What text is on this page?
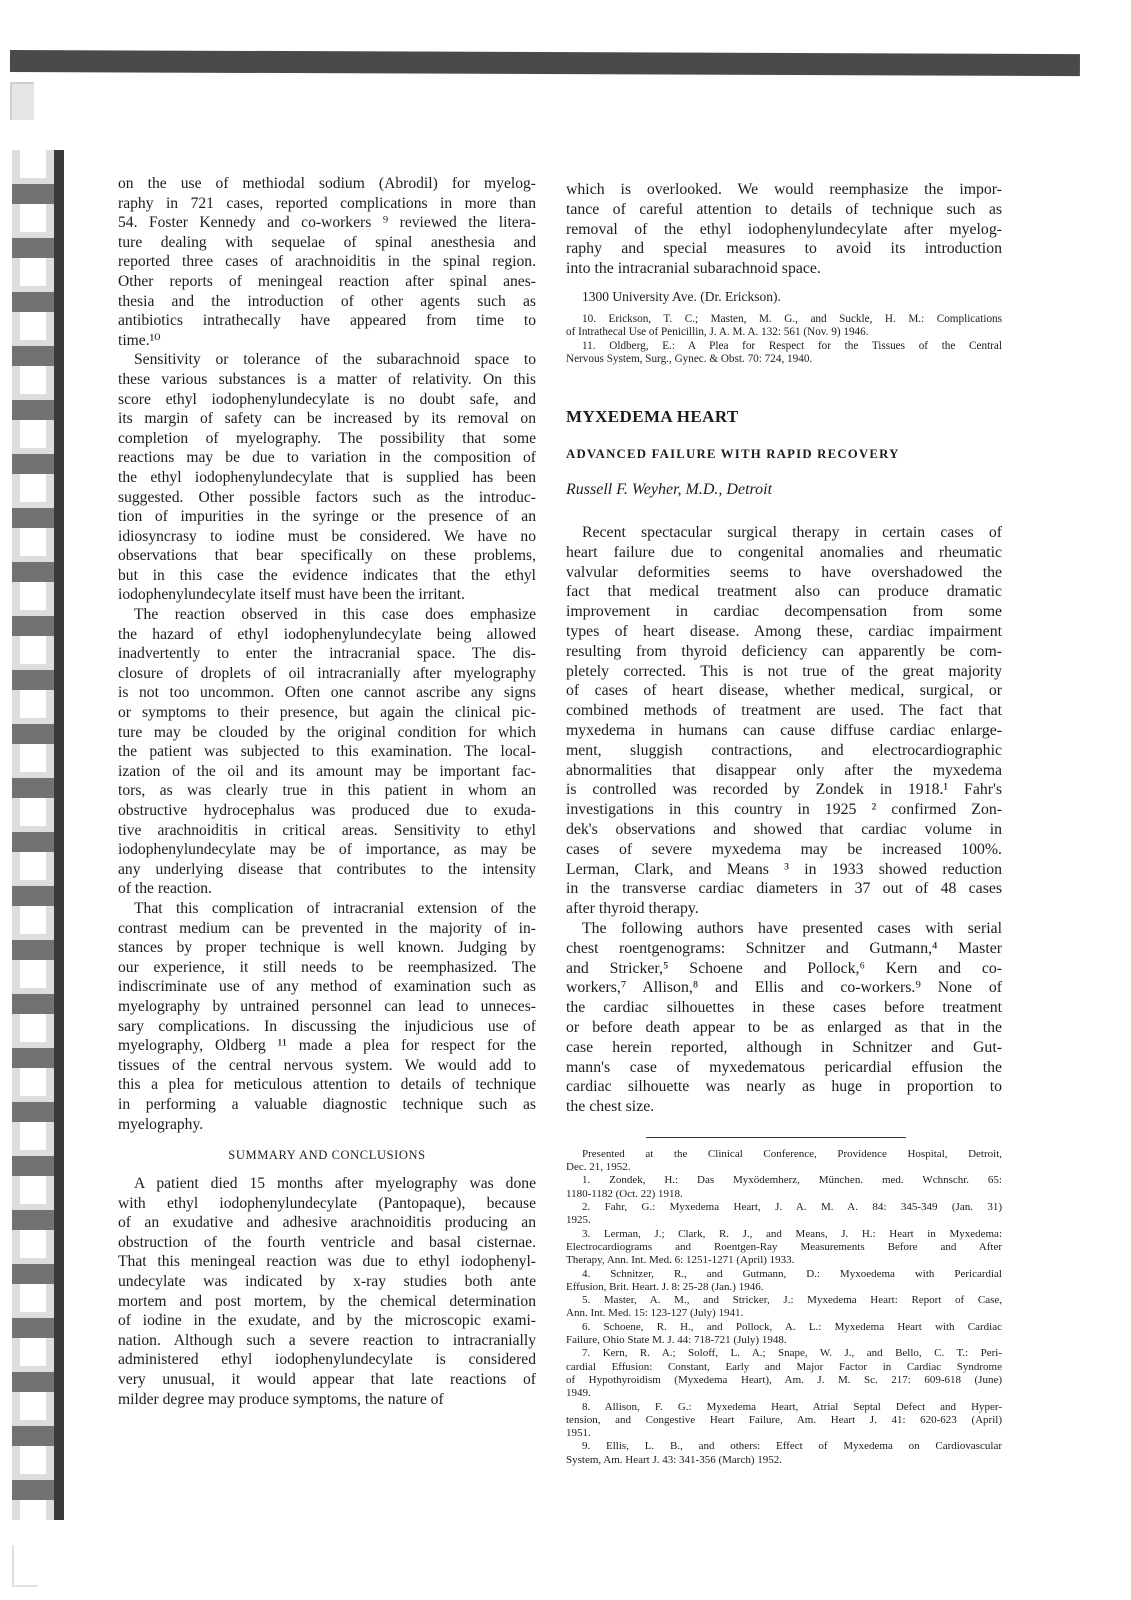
on the use of methiodal sodium (Abrodil) for myelog-
raphy in 721 cases, reported complications in more than
54. Foster Kennedy and co-workers ⁹ reviewed the litera-
ture dealing with sequelae of spinal anesthesia and
reported three cases of arachnoiditis in the spinal region.
Other reports of meningeal reaction after spinal anes-
thesia and the introduction of other agents such as
antibiotics intrathecally have appeared from time to
time.¹⁰
Sensitivity or tolerance of the subarachnoid space to
these various substances is a matter of relativity. On this
score ethyl iodophenylundecylate is no doubt safe, and
its margin of safety can be increased by its removal on
completion of myelography. The possibility that some
reactions may be due to variation in the composition of
the ethyl iodophenylundecylate that is supplied has been
suggested. Other possible factors such as the introduc-
tion of impurities in the syringe or the presence of an
idiosyncrasy to iodine must be considered. We have no
observations that bear specifically on these problems,
but in this case the evidence indicates that the ethyl
iodophenylundecylate itself must have been the irritant.
The reaction observed in this case does emphasize
the hazard of ethyl iodophenylundecylate being allowed
inadvertently to enter the intracranial space. The dis-
closure of droplets of oil intracranially after myelography
is not too uncommon. Often one cannot ascribe any signs
or symptoms to their presence, but again the clinical pic-
ture may be clouded by the original condition for which
the patient was subjected to this examination. The local-
ization of the oil and its amount may be important fac-
tors, as was clearly true in this patient in whom an
obstructive hydrocephalus was produced due to exuda-
tive arachnoiditis in critical areas. Sensitivity to ethyl
iodophenylundecylate may be of importance, as may be
any underlying disease that contributes to the intensity
of the reaction.
That this complication of intracranial extension of the
contrast medium can be prevented in the majority of in-
stances by proper technique is well known. Judging by
our experience, it still needs to be reemphasized. The
indiscriminate use of any method of examination such as
myelography by untrained personnel can lead to unneces-
sary complications. In discussing the injudicious use of
myelography, Oldberg ¹¹ made a plea for respect for the
tissues of the central nervous system. We would add to
this a plea for meticulous attention to details of technique
in performing a valuable diagnostic technique such as
myelography.
SUMMARY AND CONCLUSIONS
A patient died 15 months after myelography was done
with ethyl iodophenylundecylate (Pantopaque), because
of an exudative and adhesive arachnoiditis producing an
obstruction of the fourth ventricle and basal cisternae.
That this meningeal reaction was due to ethyl iodophenyl-
undecylate was indicated by x-ray studies both ante
mortem and post mortem, by the chemical determination
of iodine in the exudate, and by the microscopic exami-
nation. Although such a severe reaction to intracranially
administered ethyl iodophenylundecylate is considered
very unusual, it would appear that late reactions of
milder degree may produce symptoms, the nature of
which is overlooked. We would reemphasize the impor-
tance of careful attention to details of technique such as
removal of the ethyl iodophenylundecylate after myelog-
raphy and special measures to avoid its introduction
into the intracranial subarachnoid space.
1300 University Ave. (Dr. Erickson).
10. Erickson, T. C.; Masten, M. G., and Suckle, H. M.: Complications
of Intrathecal Use of Penicillin, J. A. M. A. 132: 561 (Nov. 9) 1946.
11. Oldberg, E.: A Plea for Respect for the Tissues of the Central
Nervous System, Surg., Gynec. & Obst. 70: 724, 1940.
MYXEDEMA HEART
ADVANCED FAILURE WITH RAPID RECOVERY
Russell F. Weyher, M.D., Detroit
Recent spectacular surgical therapy in certain cases of
heart failure due to congenital anomalies and rheumatic
valvular deformities seems to have overshadowed the
fact that medical treatment also can produce dramatic
improvement in cardiac decompensation from some
types of heart disease. Among these, cardiac impairment
resulting from thyroid deficiency can apparently be com-
pletely corrected. This is not true of the great majority
of cases of heart disease, whether medical, surgical, or
combined methods of treatment are used. The fact that
myxedema in humans can cause diffuse cardiac enlarge-
ment, sluggish contractions, and electrocardiographic
abnormalities that disappear only after the myxedema
is controlled was recorded by Zondek in 1918.¹ Fahr's
investigations in this country in 1925 ² confirmed Zon-
dek's observations and showed that cardiac volume in
cases of severe myxedema may be increased 100%.
Lerman, Clark, and Means ³ in 1933 showed reduction
in the transverse cardiac diameters in 37 out of 48 cases
after thyroid therapy.
The following authors have presented cases with serial
chest roentgenograms: Schnitzer and Gutmann,⁴ Master
and Stricker,⁵ Schoene and Pollock,⁶ Kern and co-
workers,⁷ Allison,⁸ and Ellis and co-workers.⁹ None of
the cardiac silhouettes in these cases before treatment
or before death appear to be as enlarged as that in the
case herein reported, although in Schnitzer and Gut-
mann's case of myxedematous pericardial effusion the
cardiac silhouette was nearly as huge in proportion to
the chest size.
Presented at the Clinical Conference, Providence Hospital, Detroit,
Dec. 21, 1952.
1. Zondek, H.: Das Myxödemherz, München. med. Wchnschr. 65:
1180-1182 (Oct. 22) 1918.
2. Fahr, G.: Myxedema Heart, J. A. M. A. 84: 345-349 (Jan. 31)
1925.
3. Lerman, J.; Clark, R. J., and Means, J. H.: Heart in Myxedema:
Electrocardiograms and Roentgen-Ray Measurements Before and After
Therapy, Ann. Int. Med. 6: 1251-1271 (April) 1933.
4. Schnitzer, R., and Gutmann, D.: Myxoedema with Pericardial
Effusion, Brit. Heart. J. 8: 25-28 (Jan.) 1946.
5. Master, A. M., and Stricker, J.: Myxedema Heart: Report of Case,
Ann. Int. Med. 15: 123-127 (July) 1941.
6. Schoene, R. H., and Pollock, A. L.: Myxedema Heart with Cardiac
Failure, Ohio State M. J. 44: 718-721 (July) 1948.
7. Kern, R. A.; Soloff, L. A.; Snape, W. J., and Bello, C. T.: Peri-
cardial Effusion: Constant, Early and Major Factor in Cardiac Syndrome
of Hypothyroidism (Myxedema Heart), Am. J. M. Sc. 217: 609-618 (June)
1949.
8. Allison, F. G.: Myxedema Heart, Atrial Septal Defect and Hyper-
tension, and Congestive Heart Failure, Am. Heart J. 41: 620-623 (April)
1951.
9. Ellis, L. B., and others: Effect of Myxedema on Cardiovascular
System, Am. Heart J. 43: 341-356 (March) 1952.
